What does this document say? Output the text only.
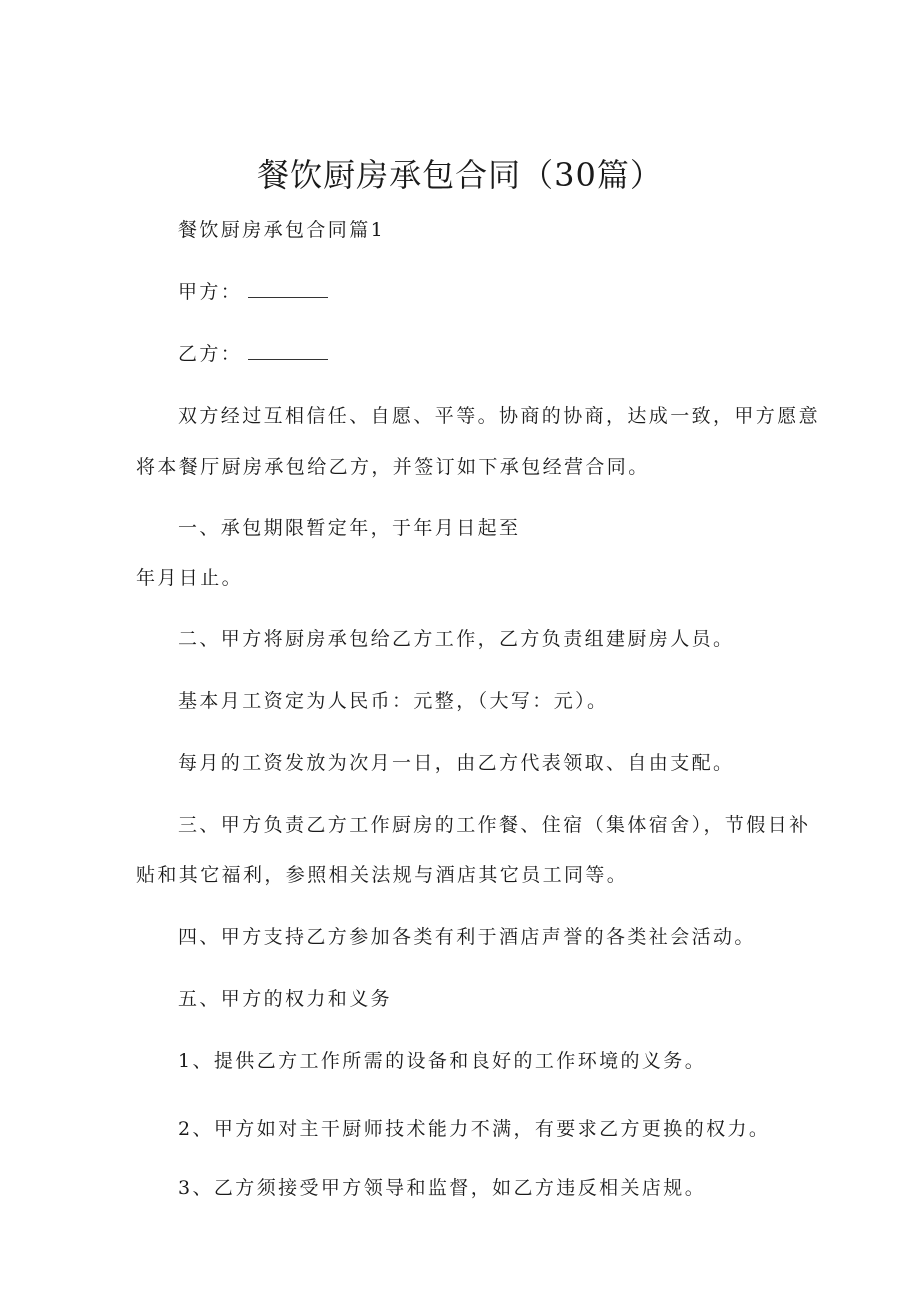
餐饮厨房承包合同（30篇）
餐饮厨房承包合同篇1
甲方：
乙方：
双方经过互相信任、自愿、平等。协商的协商，达成一致，甲方愿意
将本餐厅厨房承包给乙方，并签订如下承包经营合同。
一、承包期限暂定年，于年月日起至
年月日止。
二、甲方将厨房承包给乙方工作，乙方负责组建厨房人员。
基本月工资定为人民币：元整，（大写：元）。
每月的工资发放为次月一日，由乙方代表领取、自由支配。
三、甲方负责乙方工作厨房的工作餐、住宿（集体宿舍），节假日补
贴和其它福利，参照相关法规与酒店其它员工同等。
四、甲方支持乙方参加各类有利于酒店声誉的各类社会活动。
五、甲方的权力和义务
1、提供乙方工作所需的设备和良好的工作环境的义务。
2、甲方如对主干厨师技术能力不满，有要求乙方更换的权力。
3、乙方须接受甲方领导和监督，如乙方违反相关店规。
